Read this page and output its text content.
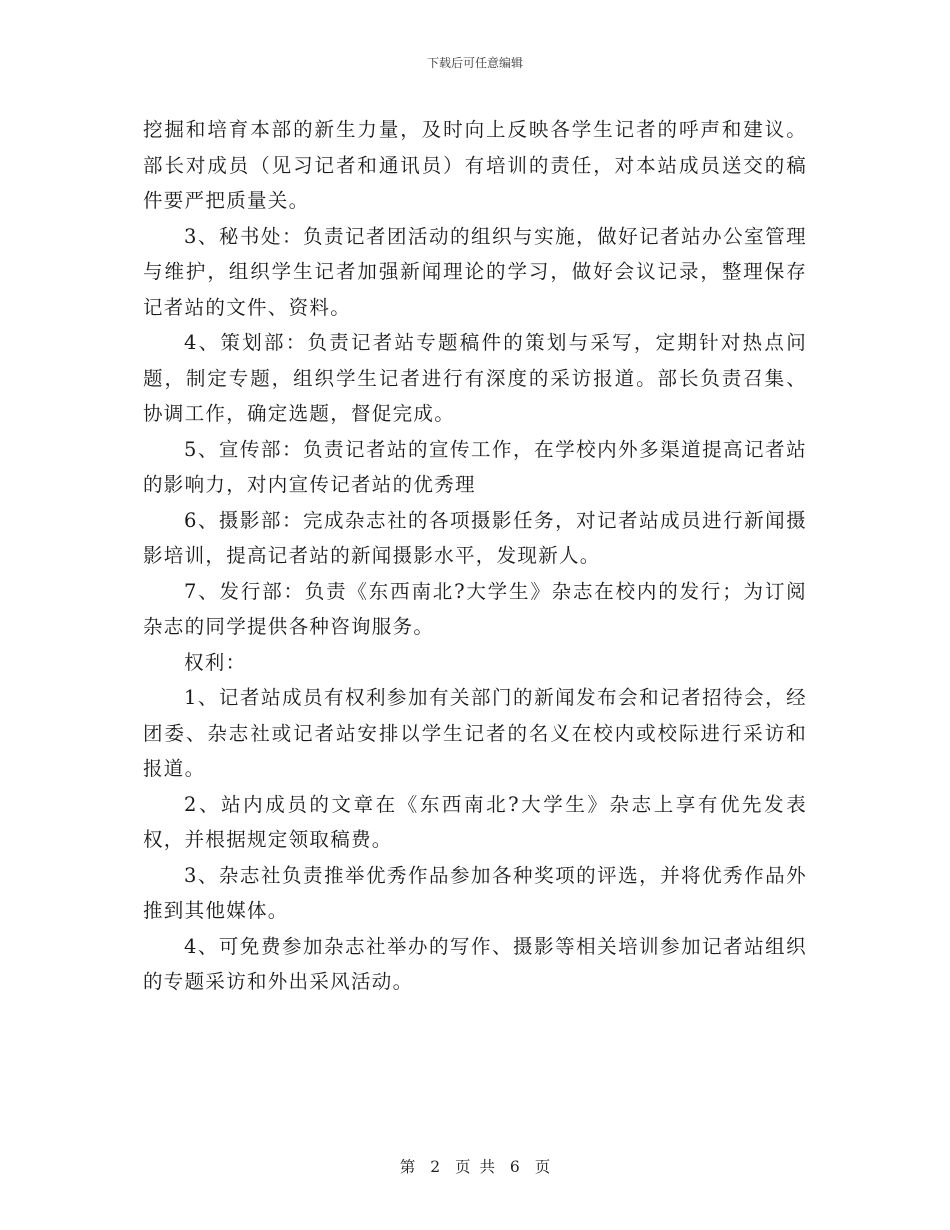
下载后可任意编辑

挖掘和培育本部的新生力量，及时向上反映各学生记者的呼声和建议。部长对成员（见习记者和通讯员）有培训的责任，对本站成员送交的稿件要严把质量关。

3、秘书处：负责记者团活动的组织与实施，做好记者站办公室管理与维护，组织学生记者加强新闻理论的学习，做好会议记录，整理保存记者站的文件、资料。

4、策划部：负责记者站专题稿件的策划与采写，定期针对热点问题，制定专题，组织学生记者进行有深度的采访报道。部长负责召集、协调工作，确定选题，督促完成。

5、宣传部：负责记者站的宣传工作，在学校内外多渠道提高记者站的影响力，对内宣传记者站的优秀理

6、摄影部：完成杂志社的各项摄影任务，对记者站成员进行新闻摄影培训，提高记者站的新闻摄影水平，发现新人。

7、发行部：负责《东西南北?大学生》杂志在校内的发行；为订阅杂志的同学提供各种咨询服务。

权利：

1、记者站成员有权利参加有关部门的新闻发布会和记者招待会，经团委、杂志社或记者站安排以学生记者的名义在校内或校际进行采访和报道。

2、站内成员的文章在《东西南北?大学生》杂志上享有优先发表权，并根据规定领取稿费。

3、杂志社负责推举优秀作品参加各种奖项的评选，并将优秀作品外推到其他媒体。

4、可免费参加杂志社举办的写作、摄影等相关培训参加记者站组织的专题采访和外出采风活动。

第 2 页 共 6 页
